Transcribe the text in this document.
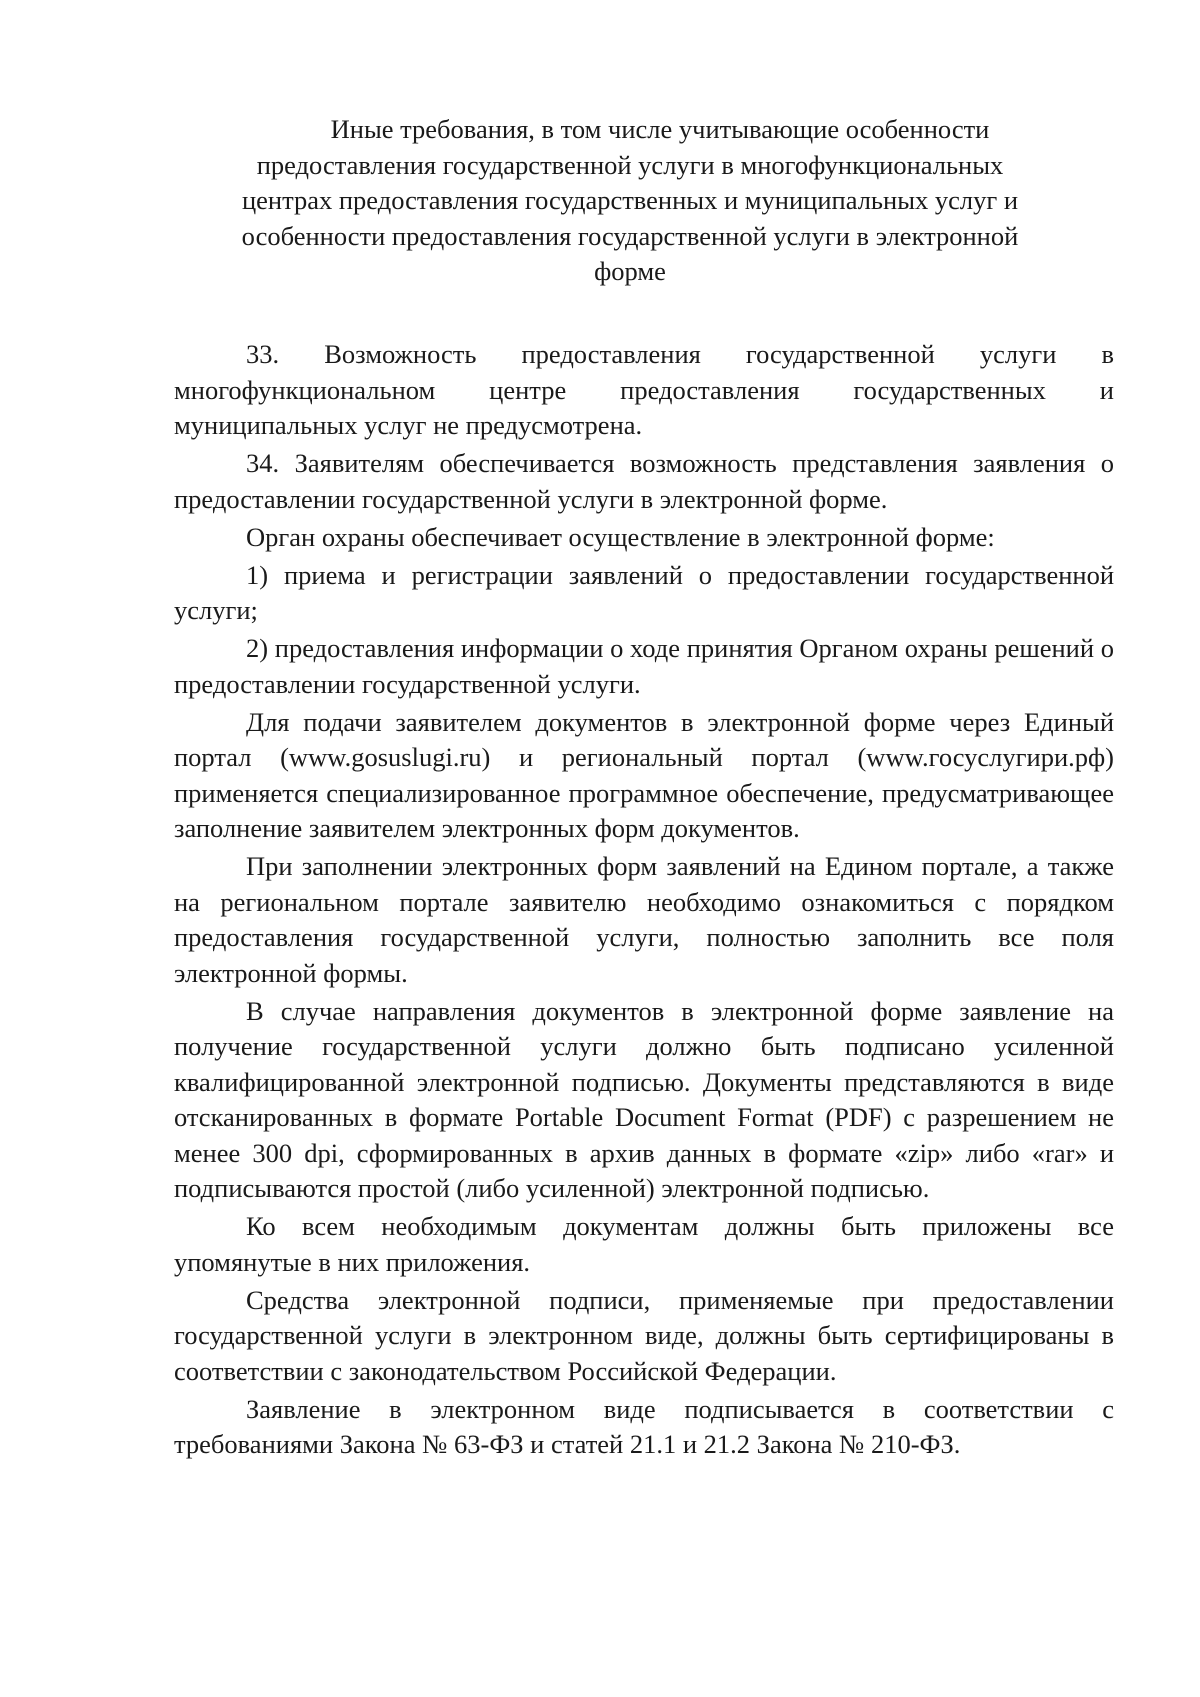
Иные требования, в том числе учитывающие особенности
предоставления государственной услуги в многофункциональных
центрах предоставления государственных и муниципальных услуг и
особенности предоставления государственной услуги в электронной
форме

33. Возможность предоставления государственной услуги в многофункциональном центре предоставления государственных и муниципальных услуг не предусмотрена.

34. Заявителям обеспечивается возможность представления заявления о предоставлении государственной услуги в электронной форме.

Орган охраны обеспечивает осуществление в электронной форме:

1) приема и регистрации заявлений о предоставлении государственной услуги;

2) предоставления информации о ходе принятия Органом охраны решений о предоставлении государственной услуги.

Для подачи заявителем документов в электронной форме через Единый портал (www.gosuslugi.ru) и региональный портал (www.госуслугири.рф) применяется специализированное программное обеспечение, предусматривающее заполнение заявителем электронных форм документов.

При заполнении электронных форм заявлений на Едином портале, а также на региональном портале заявителю необходимо ознакомиться с порядком предоставления государственной услуги, полностью заполнить все поля электронной формы.

В случае направления документов в электронной форме заявление на получение государственной услуги должно быть подписано усиленной квалифицированной электронной подписью. Документы представляются в виде отсканированных в формате Portable Document Format (PDF) с разрешением не менее 300 dpi, сформированных в архив данных в формате «zip» либо «rar» и подписываются простой (либо усиленной) электронной подписью.

Ко всем необходимым документам должны быть приложены все упомянутые в них приложения.

Средства электронной подписи, применяемые при предоставлении государственной услуги в электронном виде, должны быть сертифицированы в соответствии с законодательством Российской Федерации.

Заявление в электронном виде подписывается в соответствии с требованиями Закона № 63-ФЗ и статей 21.1 и 21.2 Закона № 210-ФЗ.
